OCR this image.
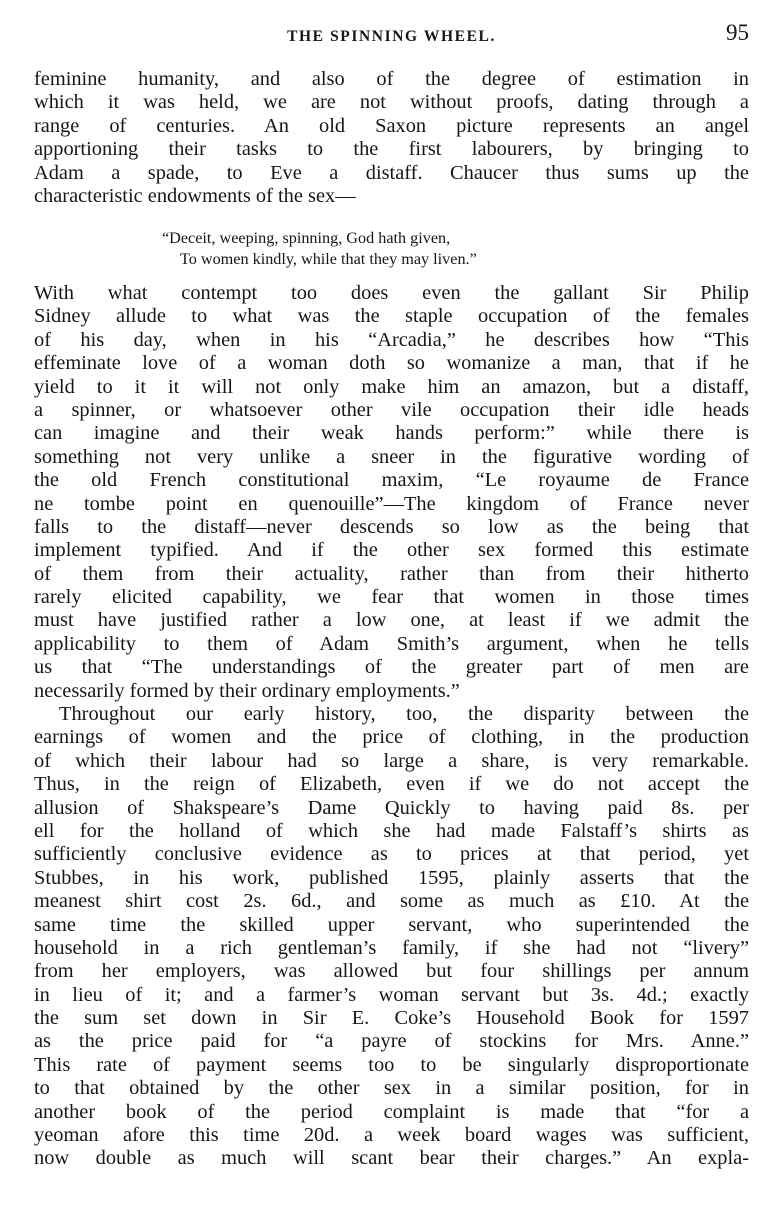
THE SPINNING WHEEL.	95
feminine humanity, and also of the degree of estimation in
which it was held, we are not without proofs, dating through a
range of centuries. An old Saxon picture represents an angel
apportioning their tasks to the first labourers, by bringing to
Adam a spade, to Eve a distaff. Chaucer thus sums up the
characteristic endowments of the sex—
“Deceit, weeping, spinning, God hath given,
To women kindly, while that they may liven.”
With what contempt too does even the gallant Sir Philip
Sidney allude to what was the staple occupation of the females
of his day, when in his “Arcadia,” he describes how “This
effeminate love of a woman doth so womanize a man, that if he
yield to it it will not only make him an amazon, but a distaff,
a spinner, or whatsoever other vile occupation their idle heads
can imagine and their weak hands perform:” while there is
something not very unlike a sneer in the figurative wording of
the old French constitutional maxim, “Le royaume de France
ne tombe point en quenouille”—The kingdom of France never
falls to the distaff—never descends so low as the being that
implement typified. And if the other sex formed this estimate
of them from their actuality, rather than from their hitherto
rarely elicited capability, we fear that women in those times
must have justified rather a low one, at least if we admit the
applicability to them of Adam Smith’s argument, when he tells
us that “The understandings of the greater part of men are
necessarily formed by their ordinary employments.”
Throughout our early history, too, the disparity between the
earnings of women and the price of clothing, in the production
of which their labour had so large a share, is very remarkable.
Thus, in the reign of Elizabeth, even if we do not accept the
allusion of Shakspeare’s Dame Quickly to having paid 8s. per
ell for the holland of which she had made Falstaff’s shirts as
sufficiently conclusive evidence as to prices at that period, yet
Stubbes, in his work, published 1595, plainly asserts that the
meanest shirt cost 2s. 6d., and some as much as £10. At the
same time the skilled upper servant, who superintended the
household in a rich gentleman’s family, if she had not “livery”
from her employers, was allowed but four shillings per annum
in lieu of it; and a farmer’s woman servant but 3s. 4d.; exactly
the sum set down in Sir E. Coke’s Household Book for 1597
as the price paid for “a payre of stockins for Mrs. Anne.”
This rate of payment seems too to be singularly disproportionate
to that obtained by the other sex in a similar position, for in
another book of the period complaint is made that “for a
yeoman afore this time 20d. a week board wages was sufficient,
now double as much will scant bear their charges.” An expla-
